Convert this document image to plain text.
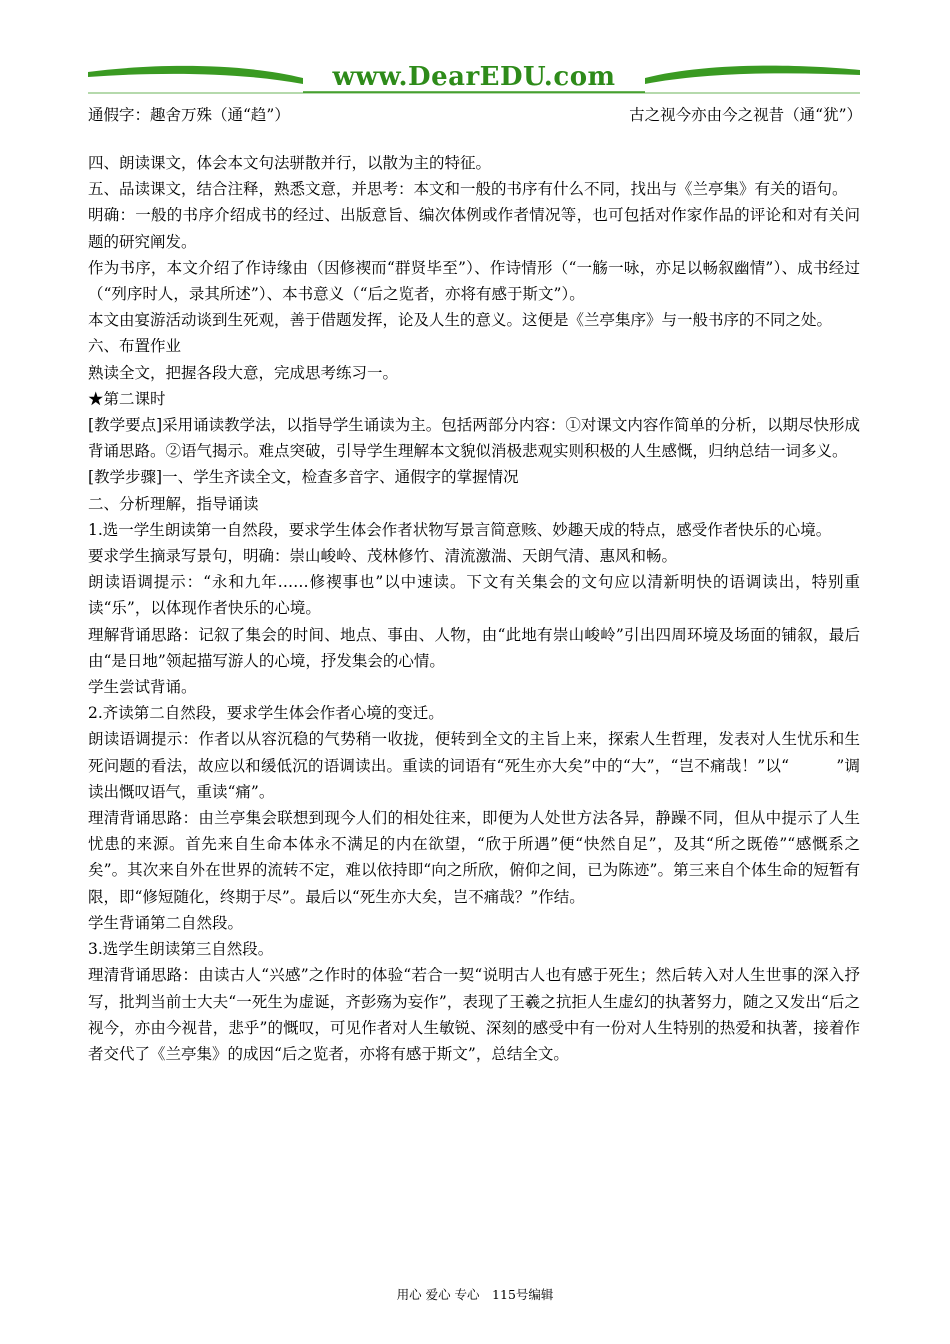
www.DearEDU.com
通假字：趣舍万殊（通“趋”）	古之视今亦由今之视昔（通“犹”）

四、朗读课文，体会本文句法骈散并行，以散为主的特征。

五、品读课文，结合注释，熟悉文意，并思考：本文和一般的书序有什么不同，找出与《兰亭集》有关的语句。

明确：一般的书序介绍成书的经过、出版意旨、编次体例或作者情况等，也可包括对作家作品的评论和对有关问题的研究阐发。

作为书序，本文介绍了作诗缘由（因修禊而“群贤毕至”）、作诗情形（“一觞一咏，亦足以畅叙幽情”）、成书经过（“列序时人，录其所述”）、本书意义（“后之览者，亦将有感于斯文”）。

本文由宴游活动谈到生死观，善于借题发挥，论及人生的意义。这便是《兰亭集序》与一般书序的不同之处。

六、布置作业

熟读全文，把握各段大意，完成思考练习一。

★第二课时

[教学要点]采用诵读教学法，以指导学生诵读为主。包括两部分内容：①对课文内容作简单的分析，以期尽快形成背诵思路。②语气揭示。难点突破，引导学生理解本文貌似消极悲观实则积极的人生感慨，归纳总结一词多义。

[教学步骤]一、学生齐读全文，检查多音字、通假字的掌握情况

二、分析理解，指导诵读

1.选一学生朗读第一自然段，要求学生体会作者状物写景言简意赅、妙趣天成的特点，感受作者快乐的心境。

要求学生摘录写景句，明确：崇山峻岭、茂林修竹、清流激湍、天朗气清、惠风和畅。

朗读语调提示：“永和九年……修禊事也”以中速读。下文有关集会的文句应以清新明快的语调读出，特别重读“乐”，以体现作者快乐的心境。

理解背诵思路：记叙了集会的时间、地点、事由、人物，由“此地有崇山峻岭”引出四周环境及场面的铺叙，最后由“是日地”领起描写游人的心境，抒发集会的心情。

学生尝试背诵。

2.齐读第二自然段，要求学生体会作者心境的变迁。

朗读语调提示：作者以从容沉稳的气势稍一收拢，便转到全文的主旨上来，探索人生哲理，发表对人生忧乐和生死问题的看法，故应以和缓低沉的语调读出。重读的词语有“死生亦大矣”中的“大”，“岂不痛哉！”以“　　　”调读出慨叹语气，重读“痛”。

理清背诵思路：由兰亭集会联想到现今人们的相处往来，即便为人处世方法各异，静躁不同，但从中提示了人生忧患的来源。首先来自生命本体永不满足的内在欲望，“欣于所遇”便“快然自足”，及其“所之既倦”“感慨系之矣”。其次来自外在世界的流转不定，难以依持即“向之所欣，俯仰之间，已为陈迹”。第三来自个体生命的短暂有限，即“修短随化，终期于尽”。最后以“死生亦大矣，岂不痛哉？”作结。

学生背诵第二自然段。

3.选学生朗读第三自然段。

理清背诵思路：由读古人“兴感”之作时的体验“若合一契“说明古人也有感于死生；然后转入对人生世事的深入抒写，批判当前士大夫“一死生为虚诞，齐彭殇为妄作”，表现了王羲之抗拒人生虚幻的执著努力，随之又发出“后之视今，亦由今视昔，悲乎”的慨叹，可见作者对人生敏锐、深刻的感受中有一份对人生特别的热爱和执著，接着作者交代了《兰亭集》的成因“后之览者，亦将有感于斯文”，总结全文。

用心 爱心 专心　115号编辑
